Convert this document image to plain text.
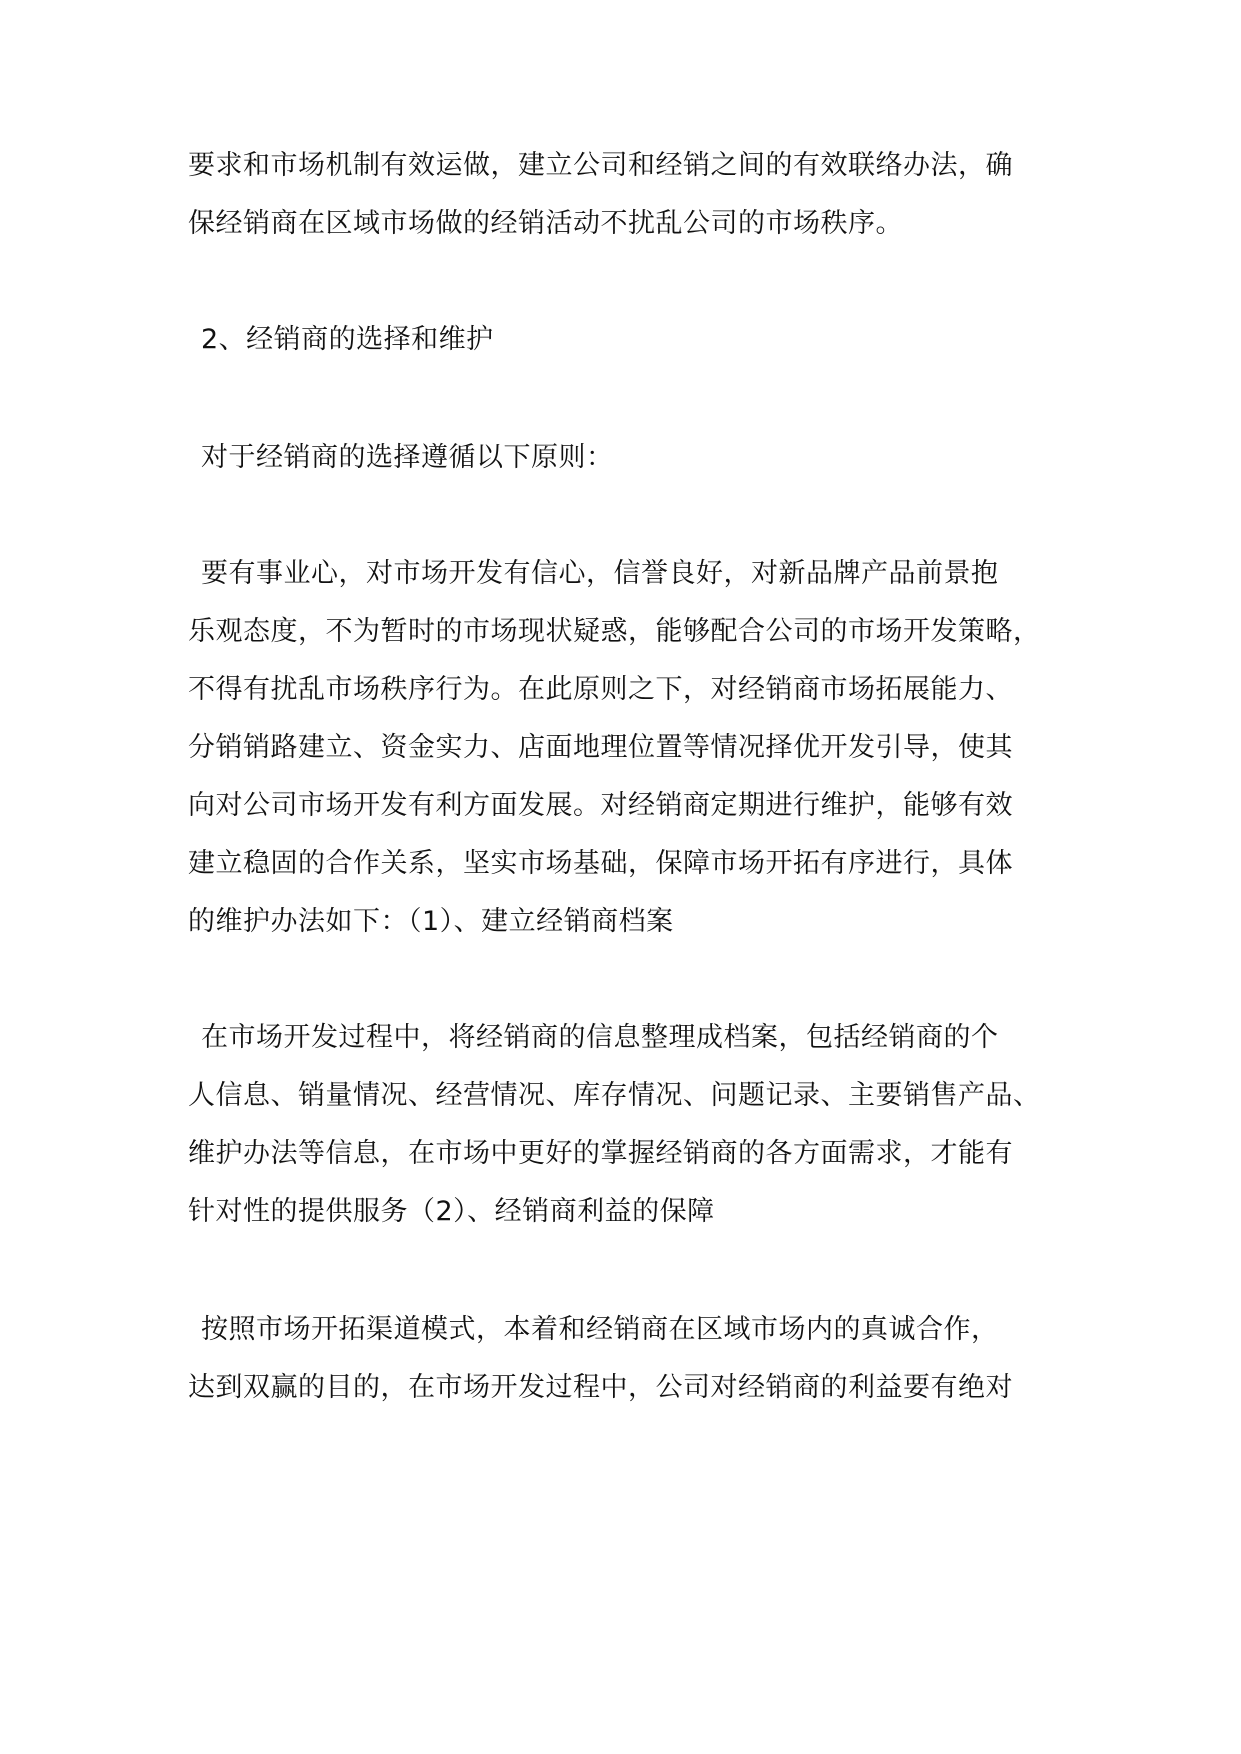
要求和市场机制有效运做，建立公司和经销之间的有效联络办法，确
保经销商在区域市场做的经销活动不扰乱公司的市场秩序。
2、经销商的选择和维护
对于经销商的选择遵循以下原则：
要有事业心，对市场开发有信心，信誉良好，对新品牌产品前景抱
乐观态度，不为暂时的市场现状疑惑，能够配合公司的市场开发策略，
不得有扰乱市场秩序行为。在此原则之下，对经销商市场拓展能力、
分销销路建立、资金实力、店面地理位置等情况择优开发引导，使其
向对公司市场开发有利方面发展。对经销商定期进行维护，能够有效
建立稳固的合作关系，坚实市场基础，保障市场开拓有序进行，具体
的维护办法如下：（1）、建立经销商档案
在市场开发过程中，将经销商的信息整理成档案，包括经销商的个
人信息、销量情况、经营情况、库存情况、问题记录、主要销售产品、
维护办法等信息，在市场中更好的掌握经销商的各方面需求，才能有
针对性的提供服务（2）、经销商利益的保障
按照市场开拓渠道模式，本着和经销商在区域市场内的真诚合作，
达到双赢的目的，在市场开发过程中，公司对经销商的利益要有绝对
